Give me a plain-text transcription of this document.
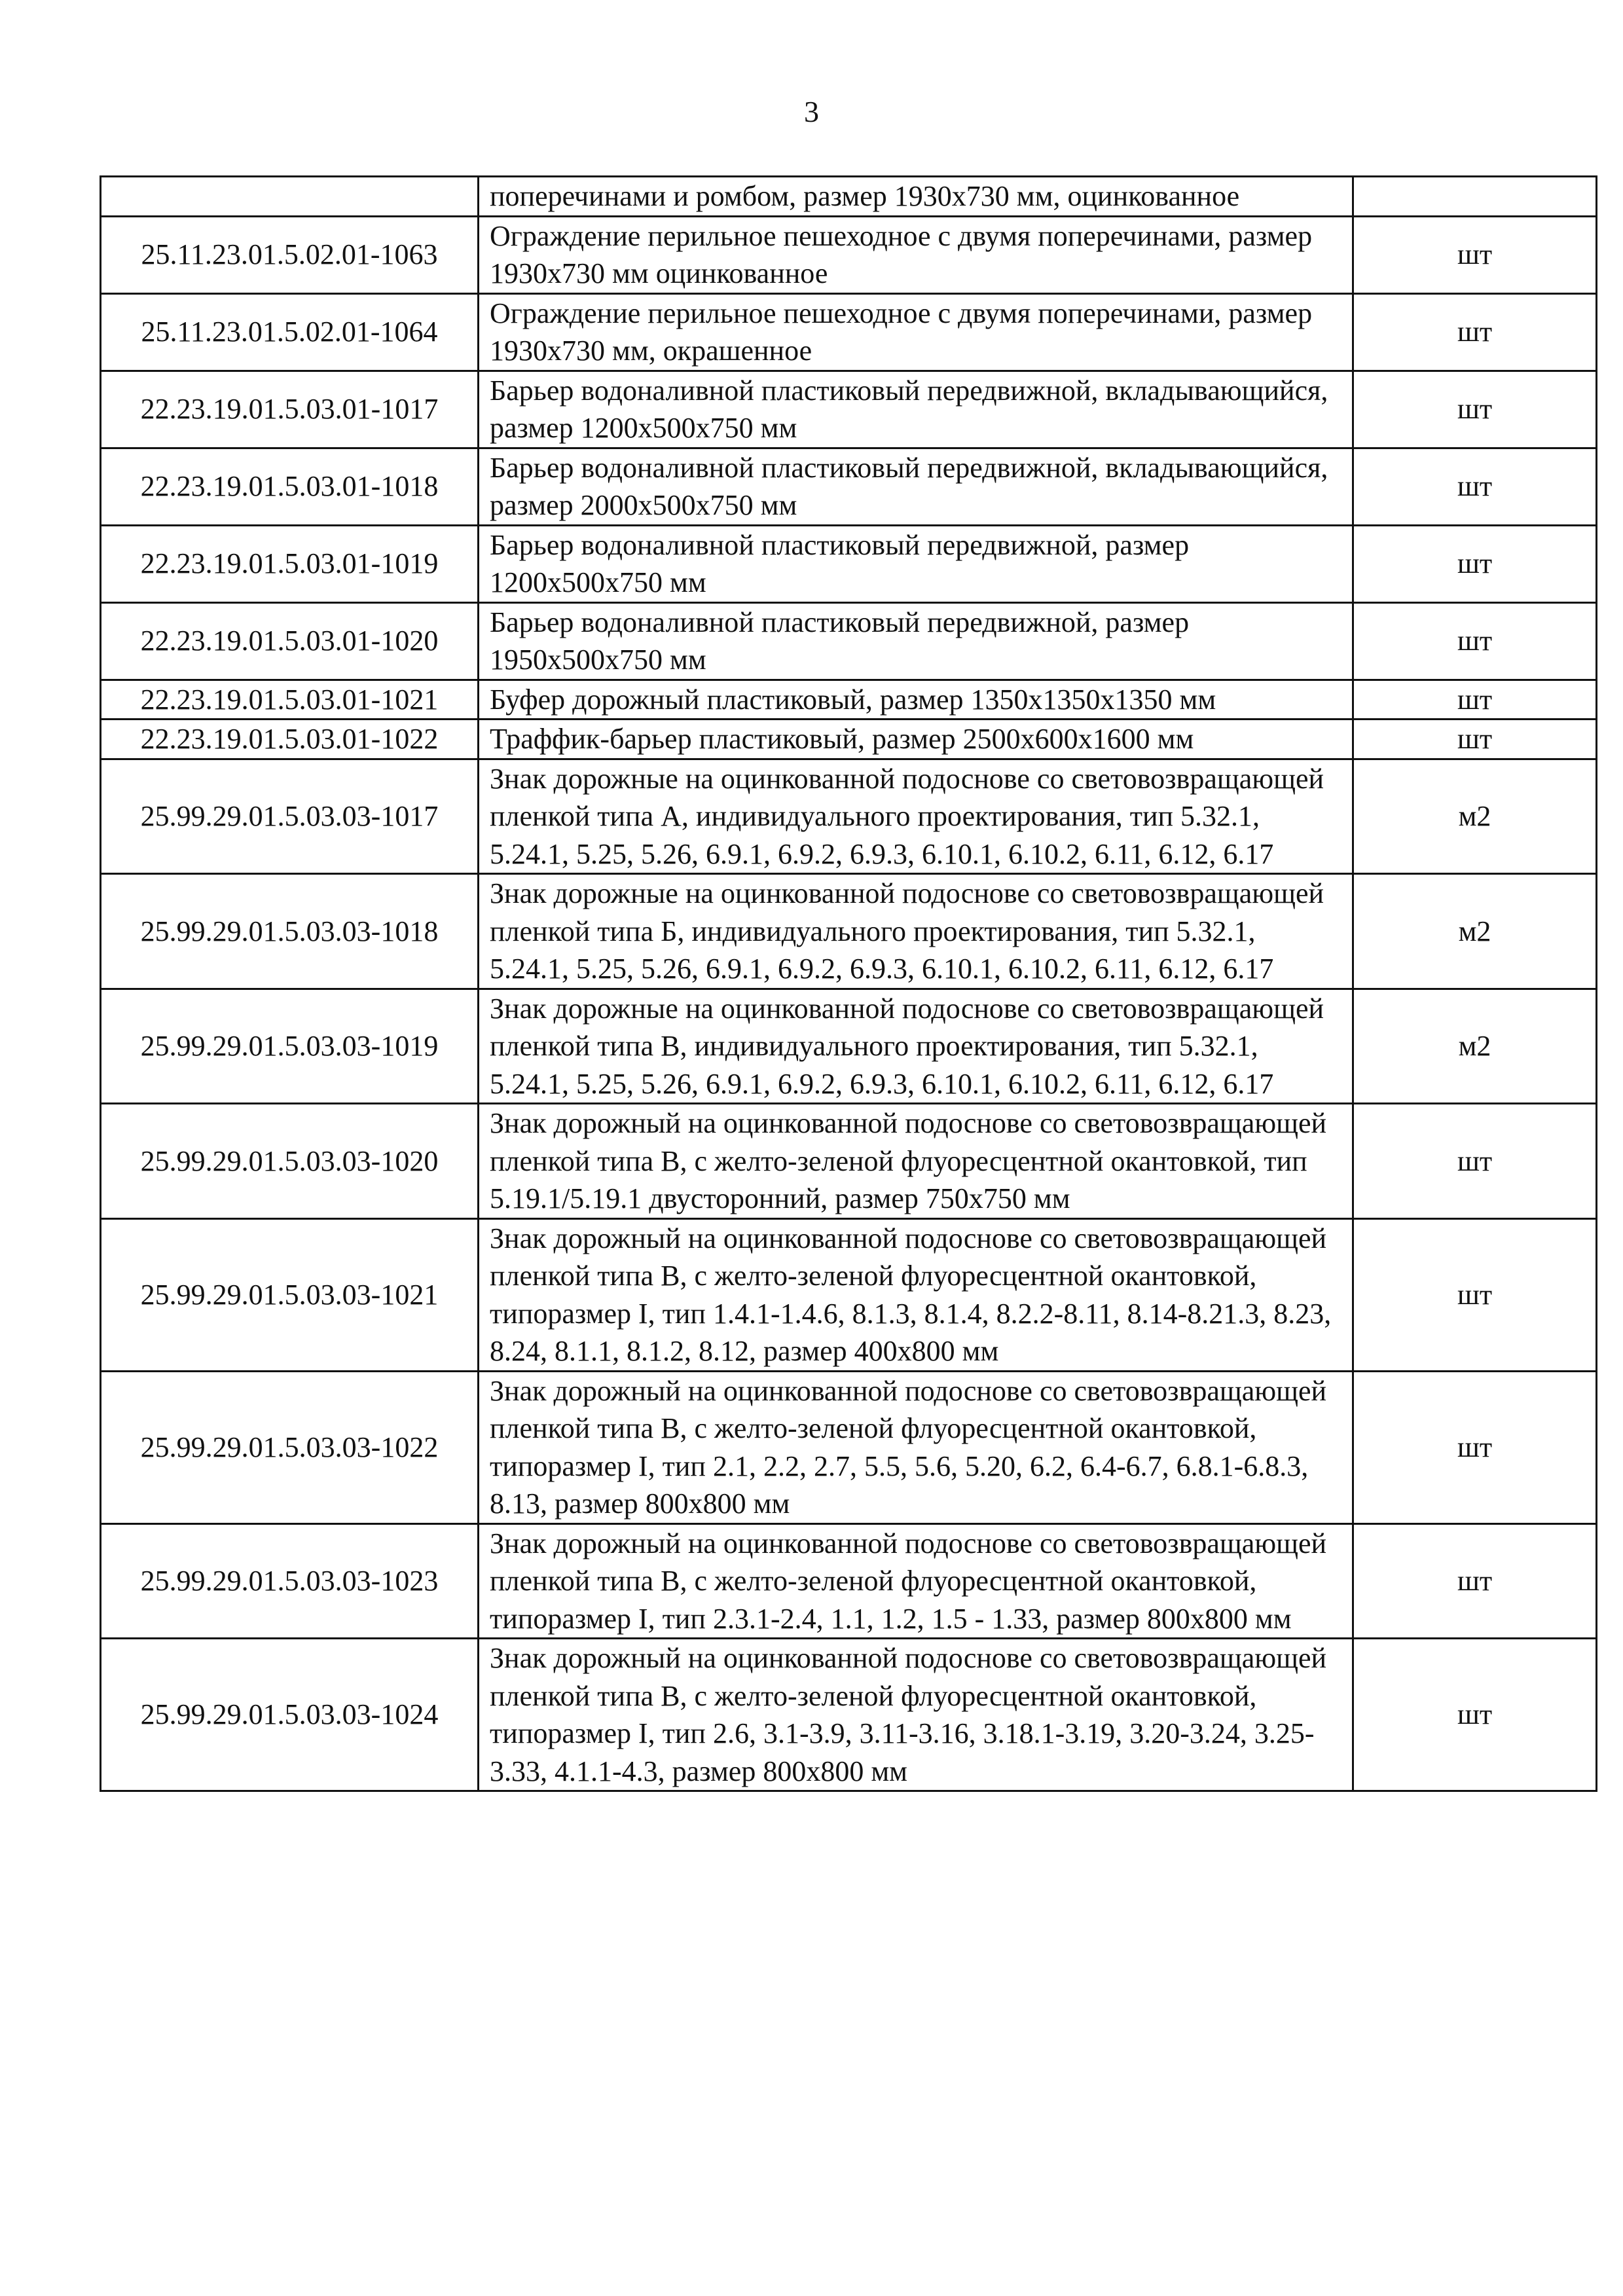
3
	поперечинами и ромбом, размер 1930х730 мм, оцинкованное	
25.11.23.01.5.02.01-1063	Ограждение перильное пешеходное с двумя поперечинами, размер 1930х730 мм оцинкованное	шт
25.11.23.01.5.02.01-1064	Ограждение перильное пешеходное с двумя поперечинами, размер 1930х730 мм, окрашенное	шт
22.23.19.01.5.03.01-1017	Барьер водоналивной пластиковый передвижной, вкладывающийся, размер 1200х500х750 мм	шт
22.23.19.01.5.03.01-1018	Барьер водоналивной пластиковый передвижной, вкладывающийся, размер 2000х500х750 мм	шт
22.23.19.01.5.03.01-1019	Барьер водоналивной пластиковый передвижной, размер 1200х500х750 мм	шт
22.23.19.01.5.03.01-1020	Барьер водоналивной пластиковый передвижной, размер 1950х500х750 мм	шт
22.23.19.01.5.03.01-1021	Буфер дорожный пластиковый, размер 1350х1350х1350 мм	шт
22.23.19.01.5.03.01-1022	Траффик-барьер пластиковый, размер 2500х600х1600 мм	шт
25.99.29.01.5.03.03-1017	Знак дорожные на оцинкованной подоснове со световозвращающей пленкой типа А, индивидуального проектирования, тип 5.32.1, 5.24.1, 5.25, 5.26, 6.9.1, 6.9.2, 6.9.3, 6.10.1, 6.10.2, 6.11, 6.12, 6.17	м2
25.99.29.01.5.03.03-1018	Знак дорожные на оцинкованной подоснове со световозвращающей пленкой типа Б, индивидуального проектирования, тип 5.32.1, 5.24.1, 5.25, 5.26, 6.9.1, 6.9.2, 6.9.3, 6.10.1, 6.10.2, 6.11, 6.12, 6.17	м2
25.99.29.01.5.03.03-1019	Знак дорожные на оцинкованной подоснове со световозвращающей пленкой типа В, индивидуального проектирования, тип 5.32.1, 5.24.1, 5.25, 5.26, 6.9.1, 6.9.2, 6.9.3, 6.10.1, 6.10.2, 6.11, 6.12, 6.17	м2
25.99.29.01.5.03.03-1020	Знак дорожный на оцинкованной подоснове со световозвращающей пленкой типа В, с желто-зеленой флуоресцентной окантовкой, тип 5.19.1/5.19.1 двусторонний, размер 750х750 мм	шт
25.99.29.01.5.03.03-1021	Знак дорожный на оцинкованной подоснове со световозвращающей пленкой типа В, с желто-зеленой флуоресцентной окантовкой, типоразмер I, тип 1.4.1-1.4.6, 8.1.3, 8.1.4, 8.2.2-8.11, 8.14-8.21.3, 8.23, 8.24, 8.1.1, 8.1.2, 8.12, размер 400х800 мм	шт
25.99.29.01.5.03.03-1022	Знак дорожный на оцинкованной подоснове со световозвращающей пленкой типа В, с желто-зеленой флуоресцентной окантовкой, типоразмер I, тип 2.1, 2.2, 2.7, 5.5, 5.6, 5.20, 6.2, 6.4-6.7, 6.8.1-6.8.3, 8.13, размер 800х800 мм	шт
25.99.29.01.5.03.03-1023	Знак дорожный на оцинкованной подоснове со световозвращающей пленкой типа В, с желто-зеленой флуоресцентной окантовкой, типоразмер I, тип 2.3.1-2.4, 1.1, 1.2, 1.5 - 1.33, размер 800х800 мм	шт
25.99.29.01.5.03.03-1024	Знак дорожный на оцинкованной подоснове со световозвращающей пленкой типа В, с желто-зеленой флуоресцентной окантовкой, типоразмер I, тип 2.6, 3.1-3.9, 3.11-3.16, 3.18.1-3.19, 3.20-3.24, 3.25-3.33, 4.1.1-4.3, размер 800х800 мм	шт
